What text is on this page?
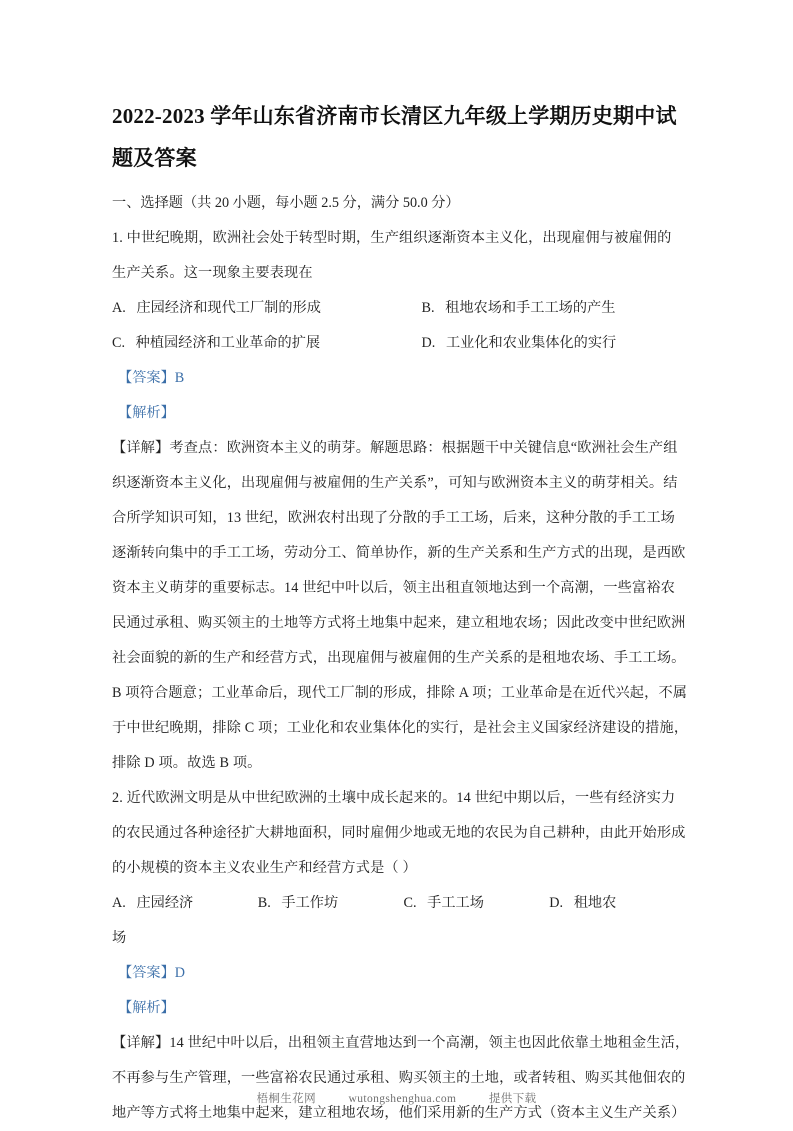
2022-2023 学年山东省济南市长清区九年级上学期历史期中试题及答案
一、选择题（共 20 小题，每小题 2.5 分，满分 50.0 分）
1. 中世纪晚期，欧洲社会处于转型时期，生产组织逐渐资本主义化，出现雇佣与被雇佣的
生产关系。这一现象主要表现在
A. 庄园经济和现代工厂制的形成	B. 租地农场和手工工场的产生
C. 种植园经济和工业革命的扩展	D. 工业化和农业集体化的实行
【答案】B
【解析】
【详解】考查点：欧洲资本主义的萌芽。解题思路：根据题干中关键信息“欧洲社会生产组
织逐渐资本主义化，出现雇佣与被雇佣的生产关系”，可知与欧洲资本主义的萌芽相关。结
合所学知识可知，13 世纪，欧洲农村出现了分散的手工工场，后来，这种分散的手工工场
逐渐转向集中的手工工场，劳动分工、简单协作，新的生产关系和生产方式的出现，是西欧
资本主义萌芽的重要标志。14 世纪中叶以后，领主出租直领地达到一个高潮，一些富裕农
民通过承租、购买领主的土地等方式将土地集中起来，建立租地农场；因此改变中世纪欧洲
社会面貌的新的生产和经营方式，出现雇佣与被雇佣的生产关系的是租地农场、手工工场。
B 项符合题意；工业革命后，现代工厂制的形成，排除 A 项；工业革命是在近代兴起，不属
于中世纪晚期，排除 C 项；工业化和农业集体化的实行，是社会主义国家经济建设的措施，
排除 D 项。故选 B 项。
2. 近代欧洲文明是从中世纪欧洲的土壤中成长起来的。14 世纪中期以后，一些有经济实力
的农民通过各种途径扩大耕地面积，同时雇佣少地或无地的农民为自己耕种，由此开始形成
的小规模的资本主义农业生产和经营方式是（ ）
A. 庄园经济	B. 手工作坊	C. 手工工场	D. 租地农
场
【答案】D
【解析】
【详解】14 世纪中叶以后，出租领主直营地达到一个高潮，领主也因此依靠土地租金生活，
不再参与生产管理，一些富裕农民通过承租、购买领主的土地，或者转租、购买其他佃农的
地产等方式将土地集中起来，建立租地农场，他们采用新的生产方式（资本主义生产关系）
梧桐生花网	wutongshenghua.com	提供下载
